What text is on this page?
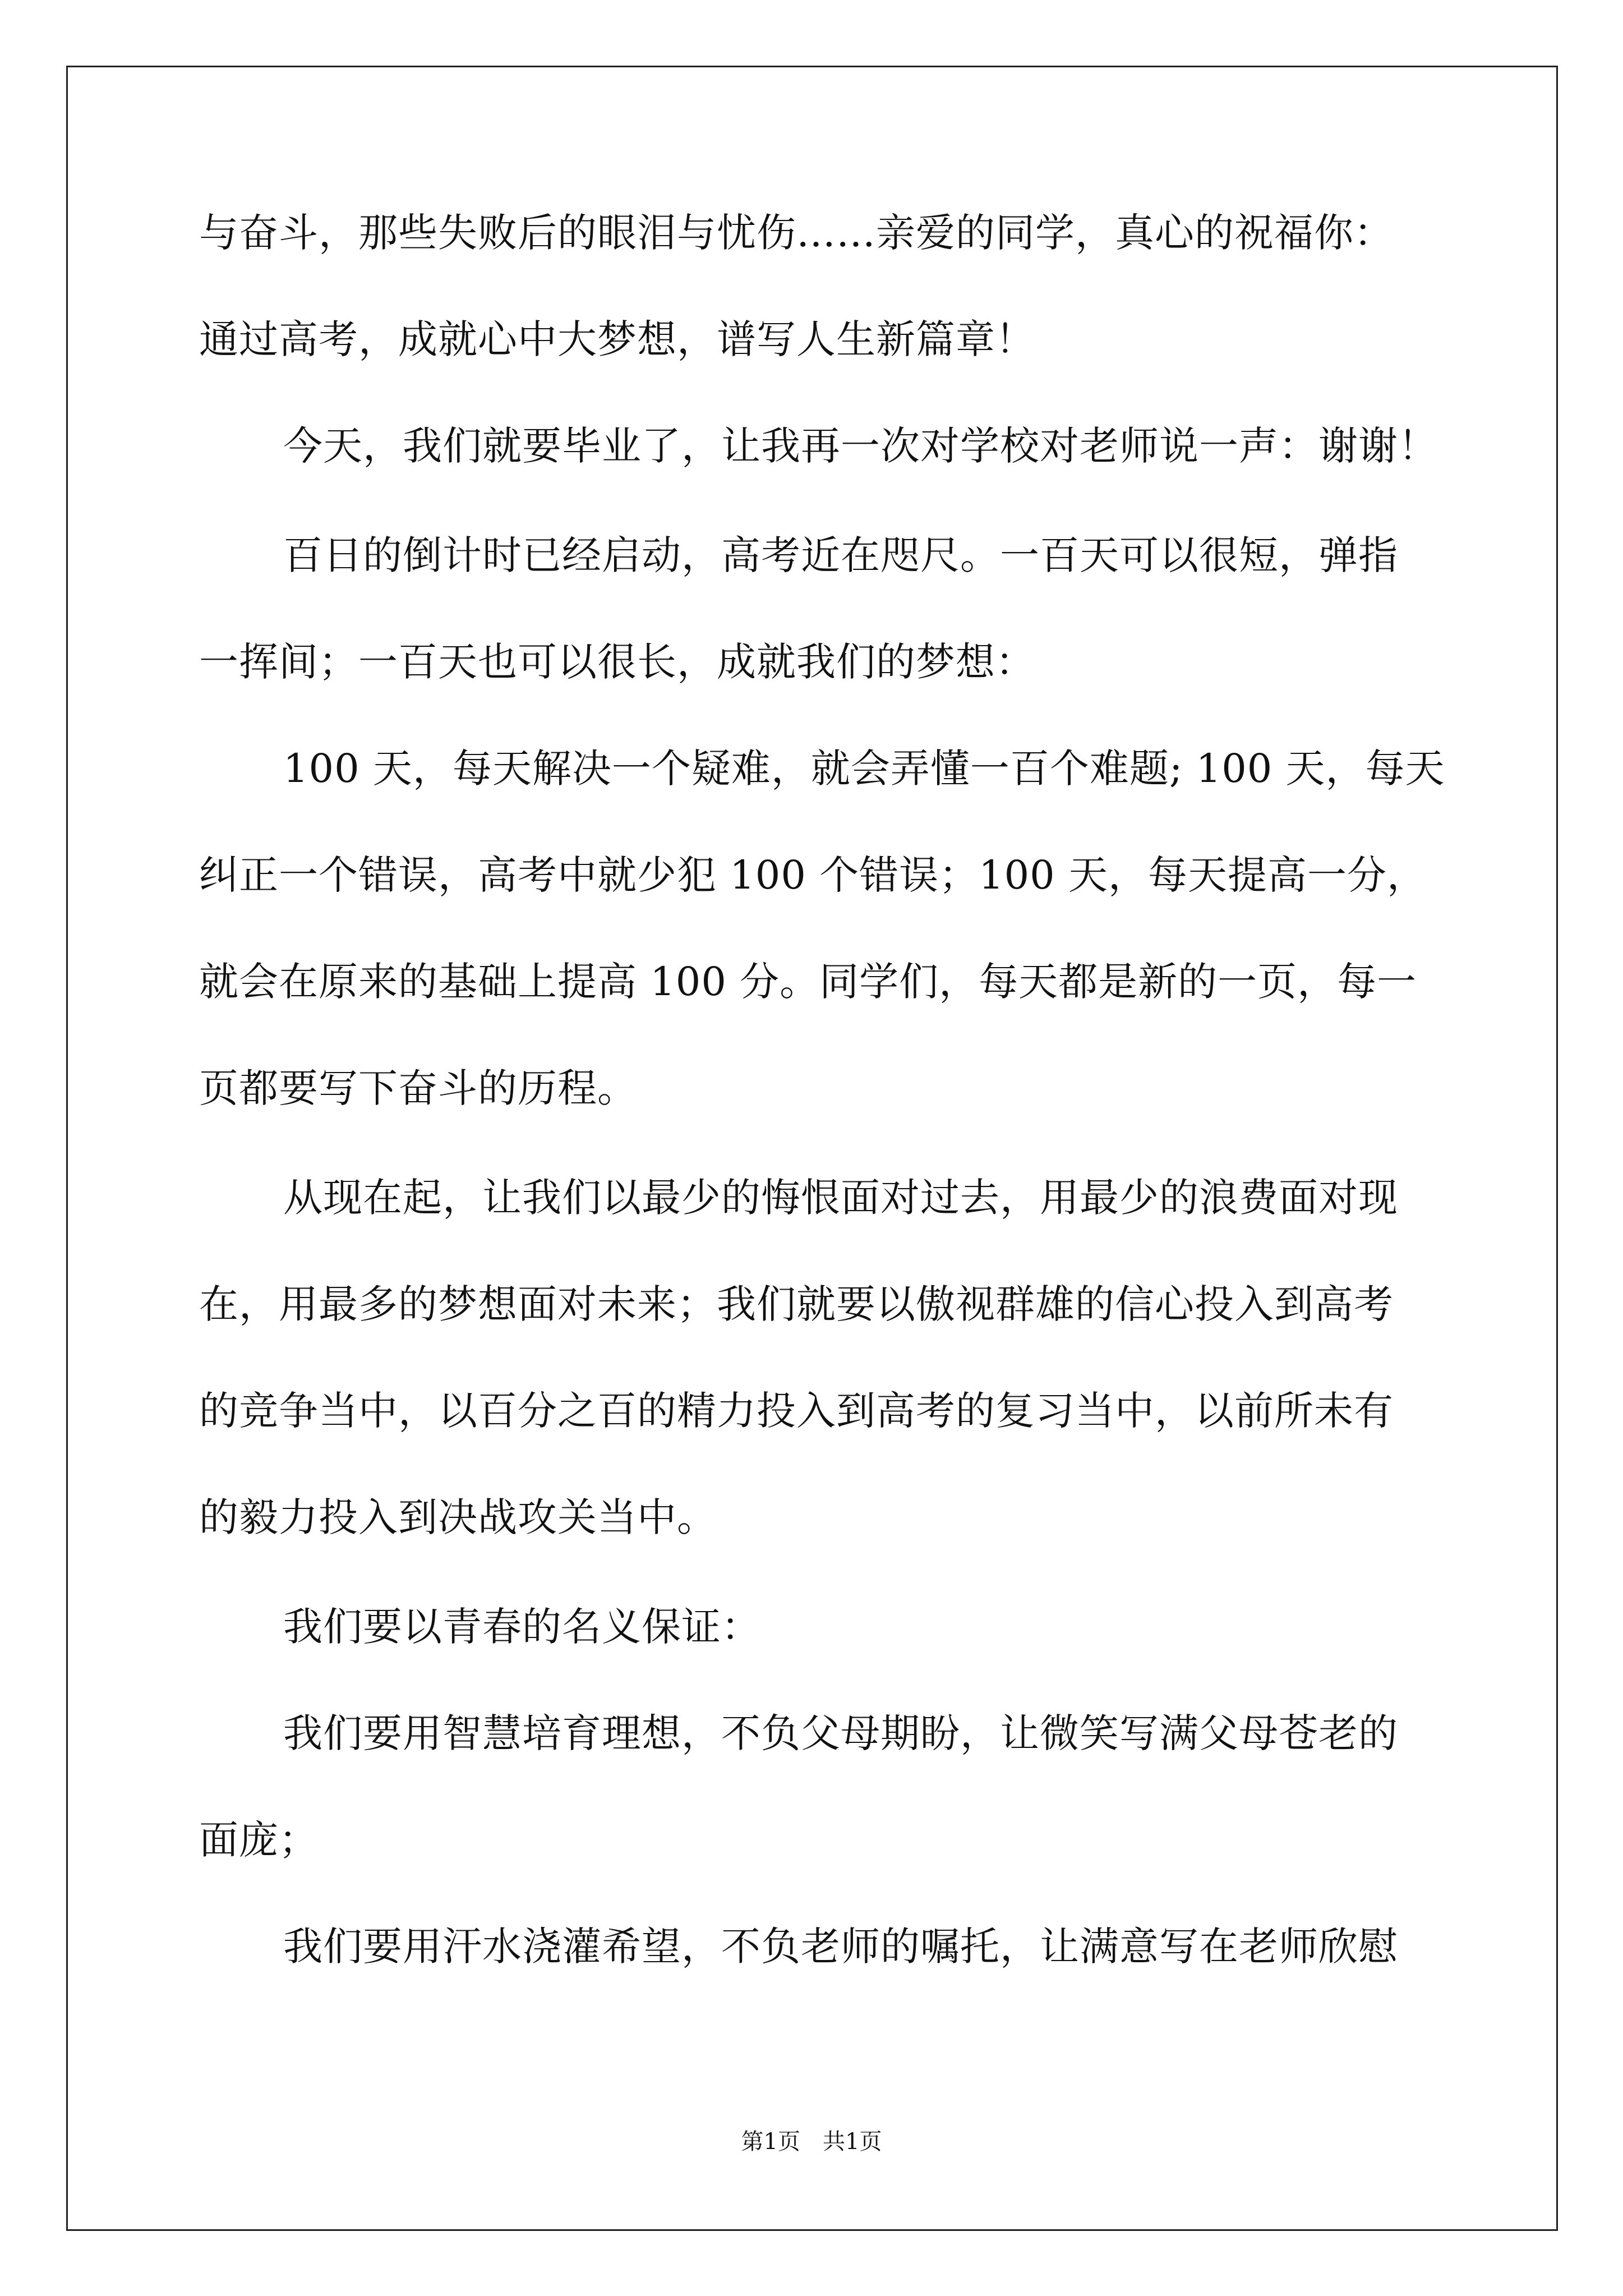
与奋斗，那些失败后的眼泪与忧伤……亲爱的同学，真心的祝福你：
通过高考，成就心中大梦想，谱写人生新篇章！
今天，我们就要毕业了，让我再一次对学校对老师说一声：谢谢！
百日的倒计时已经启动，高考近在咫尺。一百天可以很短，弹指
一挥间；一百天也可以很长，成就我们的梦想：
100 天，每天解决一个疑难，就会弄懂一百个难题; 100 天，每天
纠正一个错误，高考中就少犯 100 个错误；100 天，每天提高一分，
就会在原来的基础上提高 100 分。同学们，每天都是新的一页，每一
页都要写下奋斗的历程。
从现在起，让我们以最少的悔恨面对过去，用最少的浪费面对现
在，用最多的梦想面对未来；我们就要以傲视群雄的信心投入到高考
的竞争当中，以百分之百的精力投入到高考的复习当中，以前所未有
的毅力投入到决战攻关当中。
我们要以青春的名义保证：
我们要用智慧培育理想，不负父母期盼，让微笑写满父母苍老的
面庞；
我们要用汗水浇灌希望，不负老师的嘱托，让满意写在老师欣慰
第1页　共1页
